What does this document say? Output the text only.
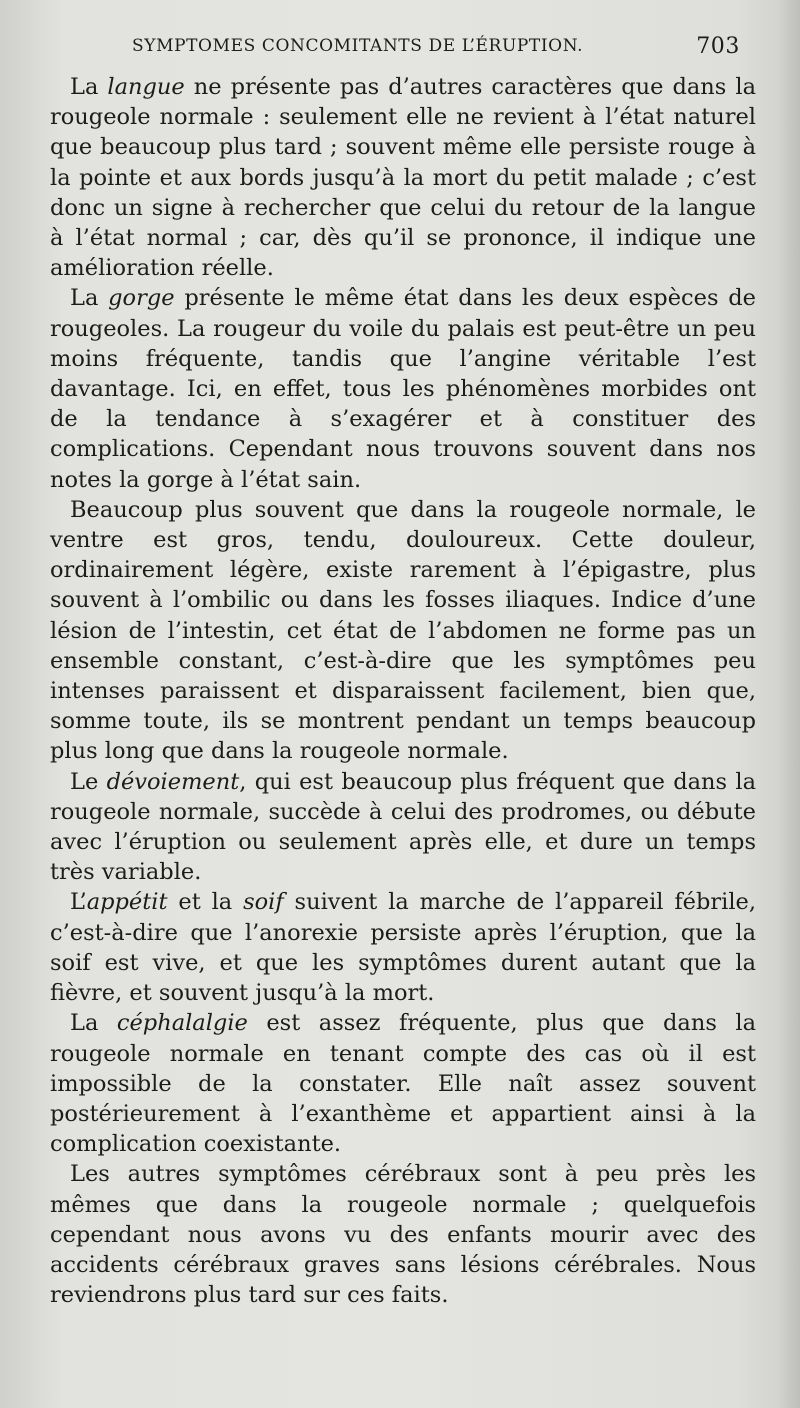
SYMPTOMES CONCOMITANTS DE L’ÉRUPTION.	703

La langue ne présente pas d’autres caractères que dans la rougeole normale : seulement elle ne revient à l’état naturel que beaucoup plus tard ; souvent même elle persiste rouge à la pointe et aux bords jusqu’à la mort du petit malade ; c’est donc un signe à rechercher que celui du retour de la langue à l’état normal ; car, dès qu’il se prononce, il indique une amélioration réelle.

La gorge présente le même état dans les deux espèces de rougeoles. La rougeur du voile du palais est peut-être un peu moins fréquente, tandis que l’angine véritable l’est davantage. Ici, en effet, tous les phénomènes morbides ont de la tendance à s’exagérer et à constituer des complications. Cependant nous trouvons souvent dans nos notes la gorge à l’état sain.

Beaucoup plus souvent que dans la rougeole normale, le ventre est gros, tendu, douloureux. Cette douleur, ordinairement légère, existe rarement à l’épigastre, plus souvent à l’ombilic ou dans les fosses iliaques. Indice d’une lésion de l’intestin, cet état de l’abdomen ne forme pas un ensemble constant, c’est-à-dire que les symptômes peu intenses paraissent et disparaissent facilement, bien que, somme toute, ils se montrent pendant un temps beaucoup plus long que dans la rougeole normale.

Le dévoiement, qui est beaucoup plus fréquent que dans la rougeole normale, succède à celui des prodromes, ou débute avec l’éruption ou seulement après elle, et dure un temps très variable.

L’appétit et la soif suivent la marche de l’appareil fébrile, c’est-à-dire que l’anorexie persiste après l’éruption, que la soif est vive, et que les symptômes durent autant que la fièvre, et souvent jusqu’à la mort.

La céphalalgie est assez fréquente, plus que dans la rougeole normale en tenant compte des cas où il est impossible de la constater. Elle naît assez souvent postérieurement à l’exanthème et appartient ainsi à la complication coexistante.

Les autres symptômes cérébraux sont à peu près les mêmes que dans la rougeole normale ; quelquefois cependant nous avons vu des enfants mourir avec des accidents cérébraux graves sans lésions cérébrales. Nous reviendrons plus tard sur ces faits.
